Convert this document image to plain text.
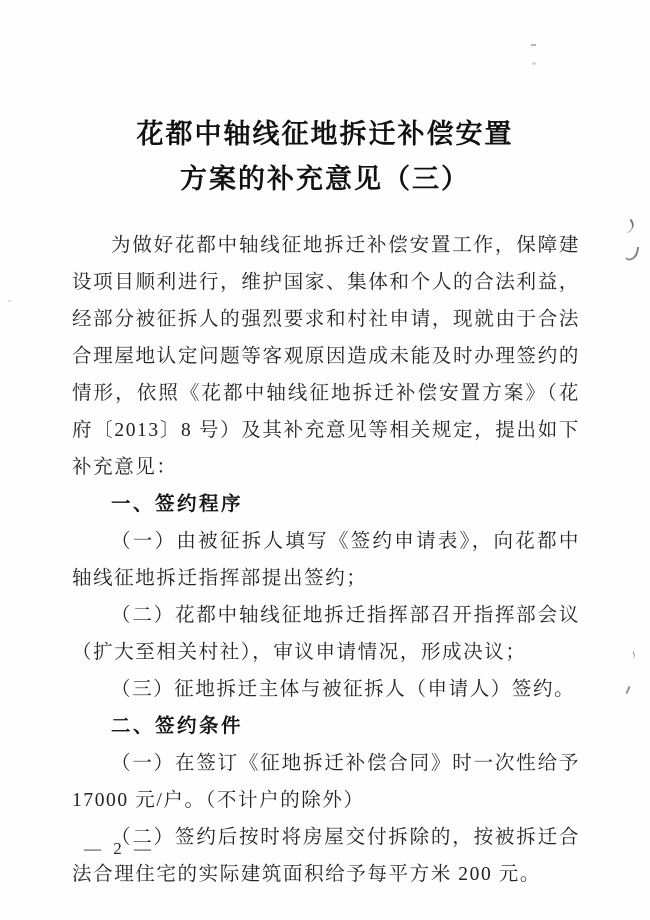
花都中轴线征地拆迁补偿安置
方案的补充意见（三）

为做好花都中轴线征地拆迁补偿安置工作，保障建设项目顺利进行，维护国家、集体和个人的合法利益，经部分被征拆人的强烈要求和村社申请，现就由于合法合理屋地认定问题等客观原因造成未能及时办理签约的情形，依照《花都中轴线征地拆迁补偿安置方案》（花府〔2013〕8 号）及其补充意见等相关规定，提出如下补充意见：

一、签约程序

（一）由被征拆人填写《签约申请表》，向花都中轴线征地拆迁指挥部提出签约；

（二）花都中轴线征地拆迁指挥部召开指挥部会议（扩大至相关村社），审议申请情况，形成决议；

（三）征地拆迁主体与被征拆人（申请人）签约。

二、签约条件

（一）在签订《征地拆迁补偿合同》时一次性给予 17000 元/户。（不计户的除外）

（二）签约后按时将房屋交付拆除的，按被拆迁合法合理住宅的实际建筑面积给予每平方米 200 元。

— 2 —
